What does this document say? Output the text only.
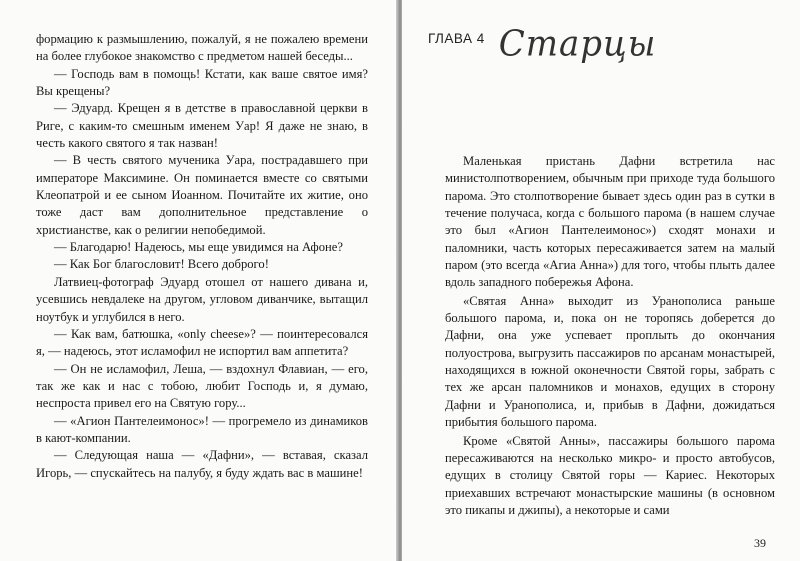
формацию к размышлению, пожалуй, я не пожалею времени на более глубокое знакомство с предметом нашей беседы...

— Господь вам в помощь! Кстати, как ваше святое имя? Вы крещены?

— Эдуард. Крещен я в детстве в православной церкви в Риге, с каким-то смешным именем Уар! Я даже не знаю, в честь какого святого я так назван!

— В честь святого мученика Уара, пострадавшего при императоре Максимине. Он поминается вместе со святыми Клеопатрой и ее сыном Иоанном. Почитайте их житие, оно тоже даст вам дополнительное представление о христианстве, как о религии непобедимой.

— Благодарю! Надеюсь, мы еще увидимся на Афоне?

— Как Бог благословит! Всего доброго!

Латвиец-фотограф Эдуард отошел от нашего дивана и, усевшись невдалеке на другом, угловом диванчике, вытащил ноутбук и углубился в него.

— Как вам, батюшка, «only cheese»? — поинтересовался я, — надеюсь, этот исламофил не испортил вам аппетита?

— Он не исламофил, Леша, — вздохнул Флавиан, — его, так же как и нас с тобою, любит Господь и, я думаю, неспроста привел его на Святую гору...

— «Агион Пантелеимонос»! — прогремело из динамиков в кают-компании.

— Следующая наша — «Дафни», — вставая, сказал Игорь, — спускайтесь на палубу, я буду ждать вас в машине!

Маленькая пристань Дафни встретила нас миниcтолпотворением, обычным при приходе туда большого парома. Это столпотворение бывает здесь один раз в сутки в течение получаса, когда с большого парома (в нашем случае это был «Агион Пантелеимонос») сходят монахи и паломники, часть которых пересаживается затем на малый паром (это всегда «Агиа Анна») для того, чтобы плыть далее вдоль западного побережья Афона.

«Святая Анна» выходит из Уранополиса раньше большого парома, и, пока он не торопясь доберется до Дафни, она уже успевает проплыть до окончания полуострова, выгрузить пассажиров по арсанам монастырей, находящихся в южной оконечности Святой горы, забрать с тех же арсан паломников и монахов, едущих в сторону Дафни и Уранополиса, и, прибыв в Дафни, дожидаться прибытия большого парома.

Кроме «Святой Анны», пассажиры большого парома пересаживаются на несколько микро- и просто автобусов, едущих в столицу Святой горы — Кариес. Некоторых приехавших встречают монастырские машины (в основном это пикапы и джипы), а некоторые и сами

ГЛАВА 4 Старцы
39
